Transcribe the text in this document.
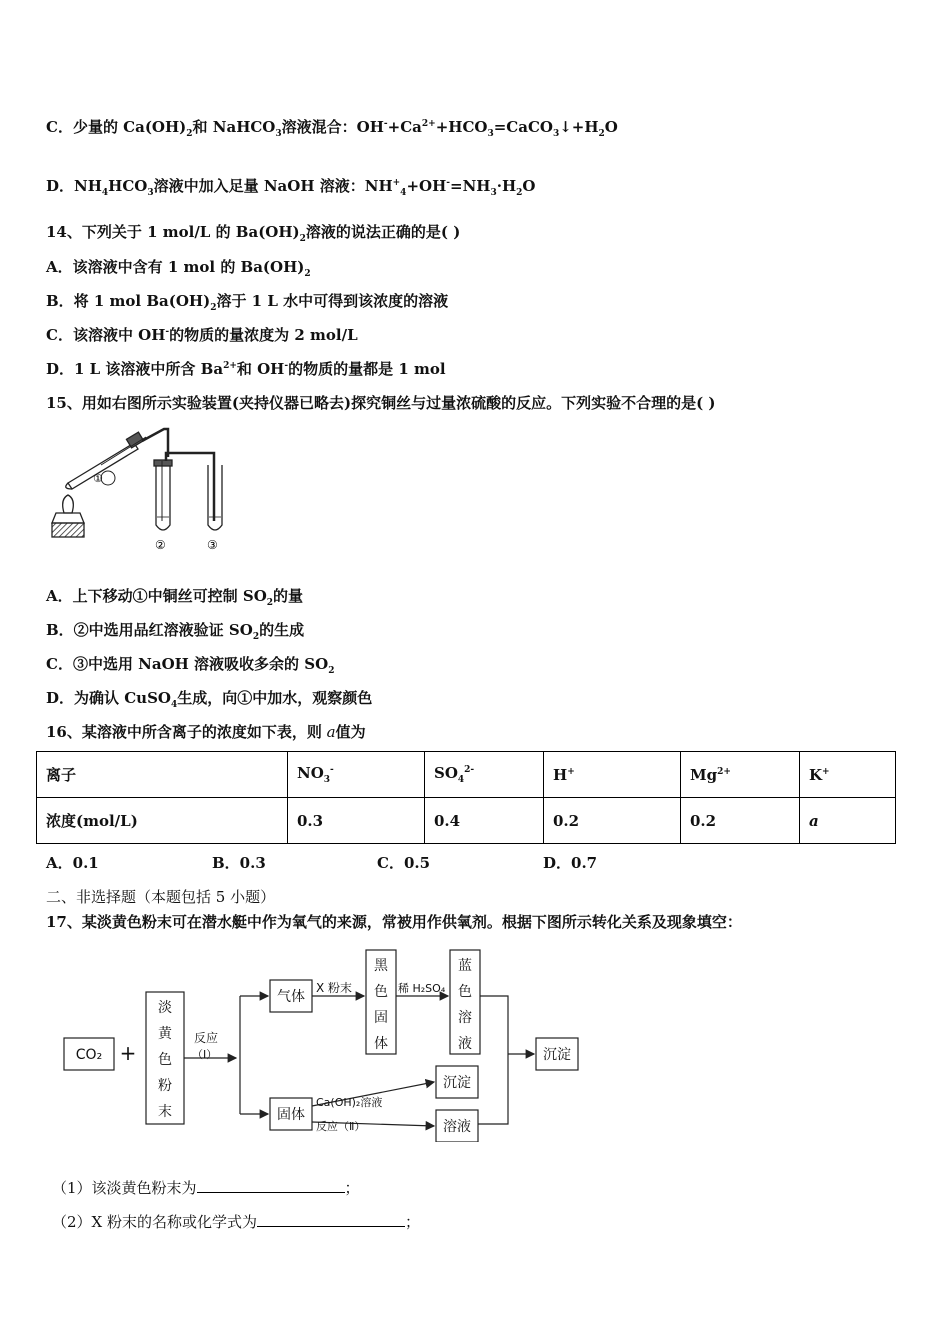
C．少量的 $Ca(OH)_2$和 NaHCO$_3$溶液混合：$OH^-+Ca^{2+}+HCO_3=CaCO_3↓+H_2O$
D．$NH_4HCO_3$溶液中加入足量 NaOH 溶液：$NH^+_4+OH^-=NH_3\cdot H_2O$
14、下列关于 1 mol/L 的 $Ba(OH)_2$溶液的说法正确的是( )
A．该溶液中含有 1 mol 的 $Ba(OH)_2$
B．将 1 mol $Ba(OH)_2$溶于 1 L 水中可得到该浓度的溶液
C．该溶液中 OH-的物质的量浓度为 2 mol/L
D．1 L 该溶液中所含 $Ba^{2+}$和 OH-的物质的量都是 1 mol
15、用如右图所示实验装置(夹持仪器已略去)探究铜丝与过量浓硫酸的反应。下列实验不合理的是( )
①
②	③
A．上下移动①中铜丝可控制 $SO_2$的量
B．②中选用品红溶液验证 $SO_2$的生成
C．③中选用 NaOH 溶液吸收多余的 $SO_2$
D．为确认 CuSO$_4$生成，向①中加水，观察颜色
16、某溶液中所含离子的浓度如下表，则 a值为
离子	$NO_3^-$	$SO_4^{2-}$	H+	$Mg^{2+}$	K+
浓度(mol/L)	0.3	0.4	0.2	0.2	a
A．0.1	B．0.3	C．0.5	D．0.7
二、非选择题（本题包括 5 小题）
17、某淡黄色粉末可在潜水艇中作为氧气的来源，常被用作供氧剂。根据下图所示转化关系及现象填空：
CO₂ +
气体
沉淀
固体
沉淀
溶液
反应
（Ⅰ）
X 粉末	稀 H₂SO₄
Ca(OH)₂溶液
反应（Ⅱ）
淡黄色粉末
黑色固体
蓝色溶液
（1）该淡黄色粉末为	；
（2）X 粉末的名称或化学式为	；
